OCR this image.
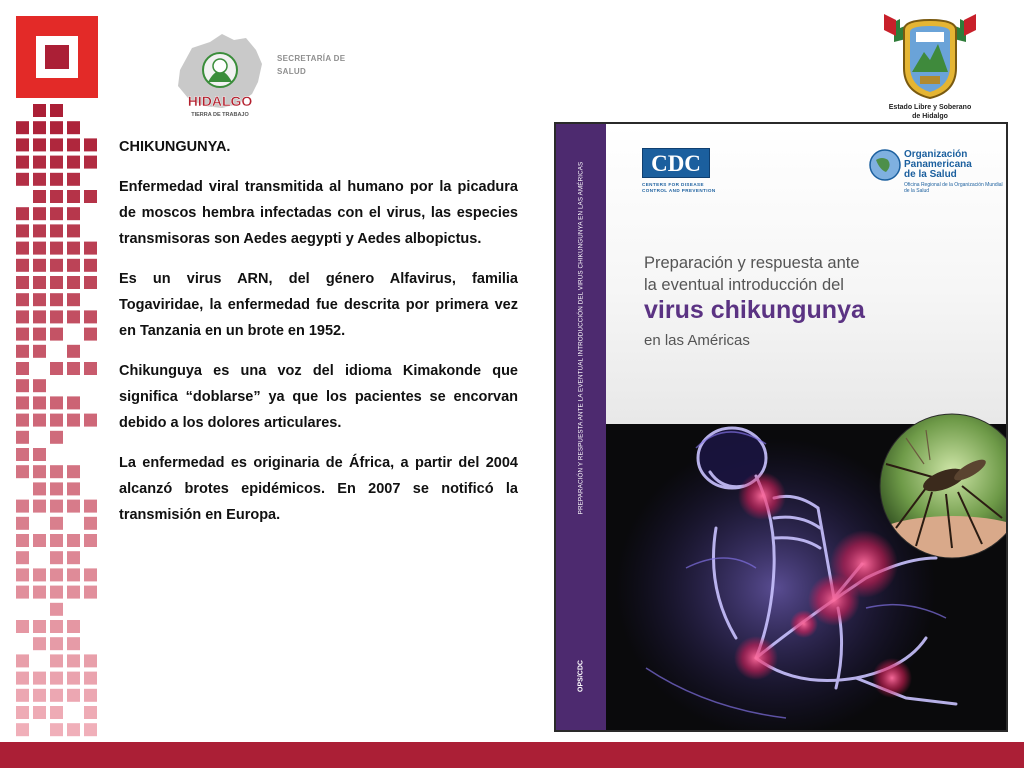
HIDALGO
TIERRA DE TRABAJO
SECRETARÍA DE SALUD
Estado Libre y Soberano
de Hidalgo
CHIKUNGUNYA.

Enfermedad viral transmitida al humano por la picadura de moscos hembra infectadas con el virus, las especies transmisoras son Aedes aegypti y Aedes albopictus.

Es un virus ARN, del género Alfavirus, familia Togaviridae, la enfermedad fue descrita por primera vez en Tanzania en un brote en 1952.

Chikunguya es una voz del idioma Kimakonde que significa “doblarse” ya que los pacientes se encorvan debido a los dolores articulares.

La enfermedad es originaria de África, a partir del 2004 alcanzó brotes epidémicos. En 2007 se notificó la transmisión en Europa.

PREPARACIÓN Y RESPUESTA ANTE LA EVENTUAL INTRODUCCIÓN DEL VIRUS CHIKUNGUNYA EN LAS AMÉRICAS
OPS/CDC
CDC
CENTERS FOR DISEASE CONTROL AND PREVENTION
Organización
Panamericana
de la Salud
Oficina Regional de la Organización Mundial de la Salud
Preparación y respuesta ante
la eventual introducción del
virus chikungunya
en las Américas
